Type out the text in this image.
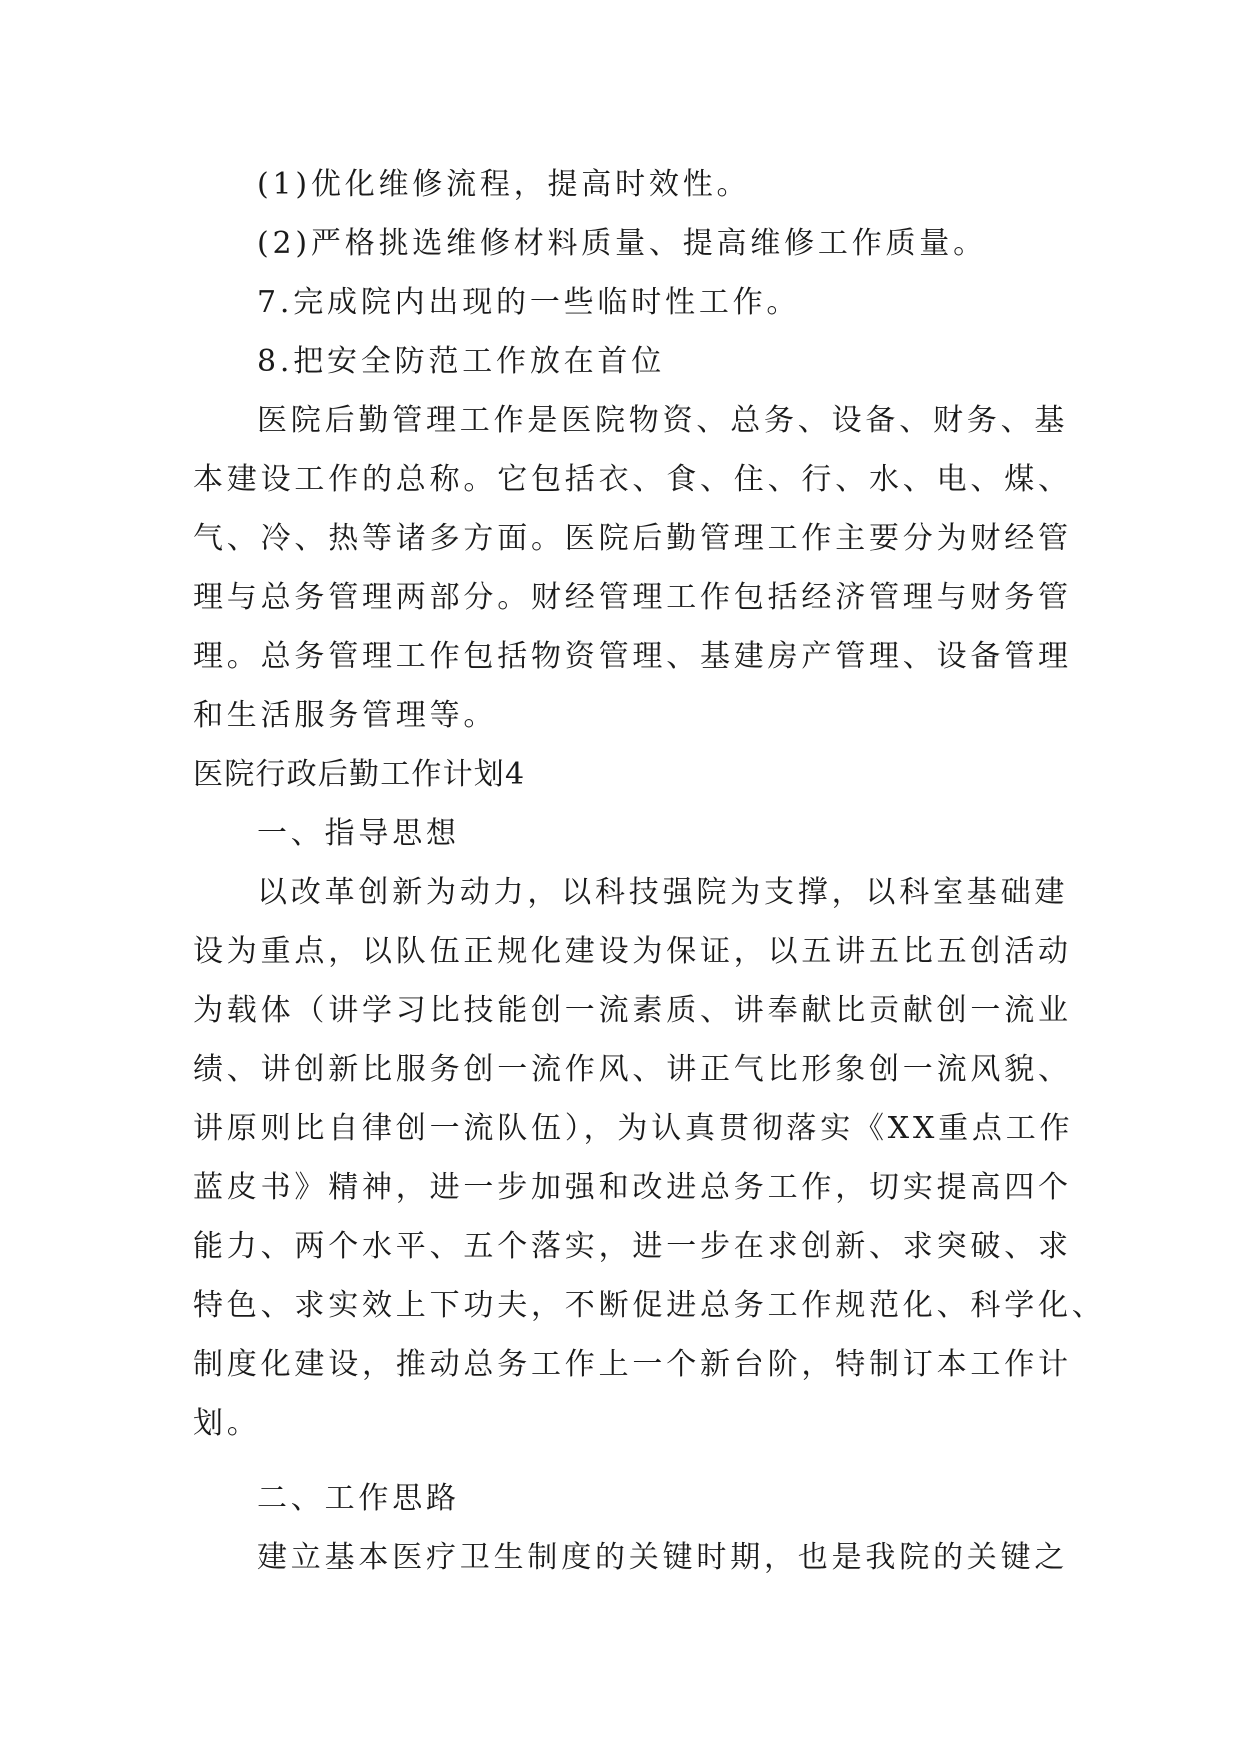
(1)优化维修流程，提高时效性。

(2)严格挑选维修材料质量、提高维修工作质量。

7.完成院内出现的一些临时性工作。

8.把安全防范工作放在首位

医院后勤管理工作是医院物资、总务、设备、财务、基

本建设工作的总称。它包括衣、食、住、行、水、电、煤、

气、冷、热等诸多方面。医院后勤管理工作主要分为财经管

理与总务管理两部分。财经管理工作包括经济管理与财务管

理。总务管理工作包括物资管理、基建房产管理、设备管理

和生活服务管理等。

医院行政后勤工作计划4

一、指导思想

以改革创新为动力，以科技强院为支撑，以科室基础建

设为重点，以队伍正规化建设为保证，以五讲五比五创活动

为载体（讲学习比技能创一流素质、讲奉献比贡献创一流业

绩、讲创新比服务创一流作风、讲正气比形象创一流风貌、

讲原则比自律创一流队伍），为认真贯彻落实《XX重点工作

蓝皮书》精神，进一步加强和改进总务工作，切实提高四个

能力、两个水平、五个落实，进一步在求创新、求突破、求

特色、求实效上下功夫，不断促进总务工作规范化、科学化、

制度化建设，推动总务工作上一个新台阶，特制订本工作计

划。

二、工作思路

建立基本医疗卫生制度的关键时期，也是我院的关键之
